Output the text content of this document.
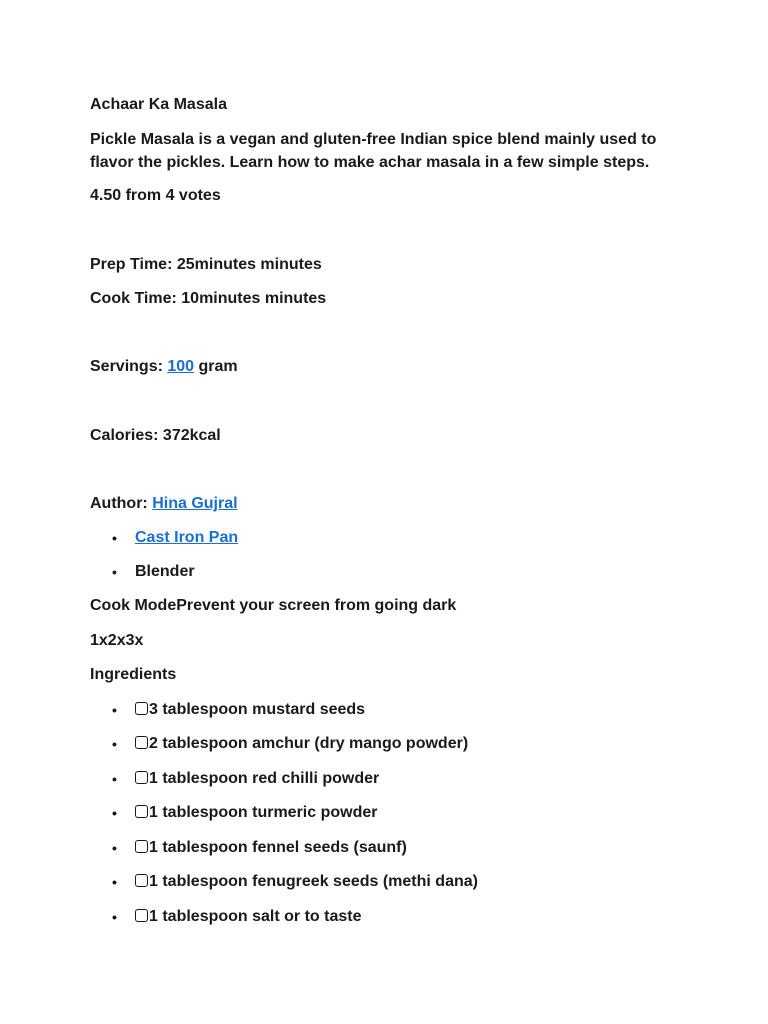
Achaar Ka Masala
Pickle Masala is a vegan and gluten-free Indian spice blend mainly used to flavor the pickles. Learn how to make achar masala in a few simple steps.
4.50 from 4 votes
Prep Time: 25minutes minutes
Cook Time: 10minutes minutes
Servings: 100 gram
Calories: 372kcal
Author: Hina Gujral
• Cast Iron Pan
• Blender
Cook ModePrevent your screen from going dark
1x2x3x
Ingredients
•	3 tablespoon mustard seeds
•	2 tablespoon amchur (dry mango powder)
•	1 tablespoon red chilli powder
•	1 tablespoon turmeric powder
•	1 tablespoon fennel seeds (saunf)
•	1 tablespoon fenugreek seeds (methi dana)
•	1 tablespoon salt or to taste
